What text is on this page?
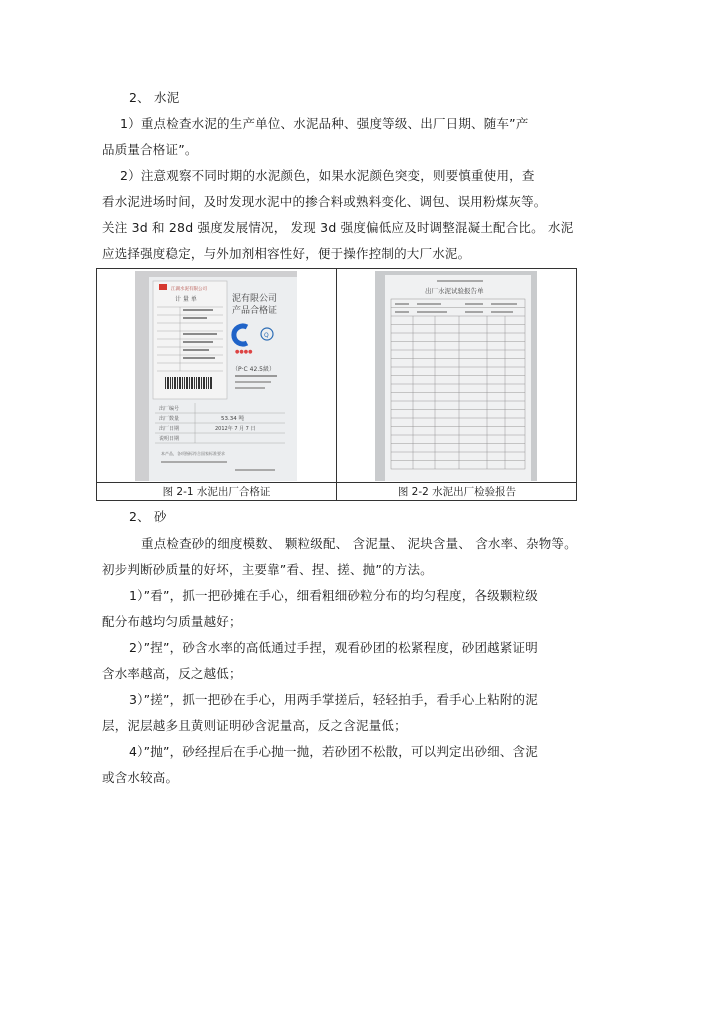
2、 水泥
1）重点检查水泥的生产单位、水泥品种、强度等级、出厂日期、随车”产
品质量合格证”。
2）注意观察不同时期的水泥颜色，如果水泥颜色突变，则要慎重使用，查
看水泥进场时间，及时发现水泥中的掺合料或熟料变化、调包、误用粉煤灰等。
关注 3d 和 28d 强度发展情况， 发现 3d 强度偏低应及时调整混凝土配合比。 水泥
应选择强度稳定，与外加剂相容性好，便于操作控制的大厂水泥。
江湖水泥有限公司
计 量 单	泥有限公司
产品合格证
Q
●●●●
（P·C 42.5級）
出厂编号
出厂数量
出厂日期
说明日期
53.34 吨
2012年 7 月 7 日
本产品，各项指标符合国家标准要求
出厂水泥试验报告单
图 2-1 水泥出厂合格证	图 2-2 水泥出厂检验报告
2、 砂
重点检查砂的细度模数、 颗粒级配、 含泥量、 泥块含量、 含水率、杂物等。
初步判断砂质量的好坏，主要靠”看、捏、搓、抛”的方法。
1）”看”，抓一把砂摊在手心，细看粗细砂粒分布的均匀程度，各级颗粒级
配分布越均匀质量越好；
2）”捏”，砂含水率的高低通过手捏，观看砂团的松紧程度，砂团越紧证明
含水率越高，反之越低；
3）”搓”，抓一把砂在手心，用两手掌搓后，轻轻拍手，看手心上粘附的泥
层，泥层越多且黄则证明砂含泥量高，反之含泥量低；
4）”抛”，砂经捏后在手心抛一抛，若砂团不松散，可以判定出砂细、含泥
或含水较高。
